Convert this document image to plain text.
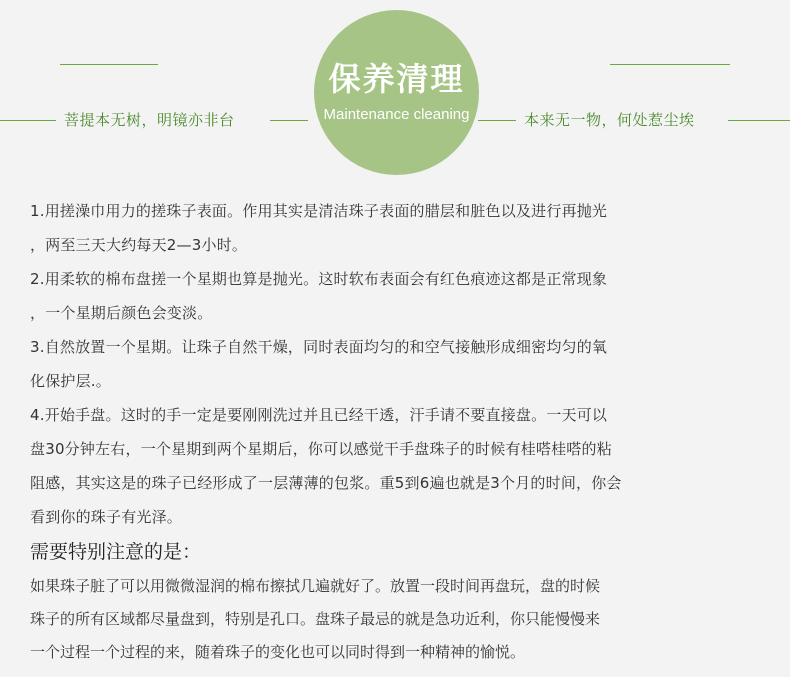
菩提本无树，明镜亦非台	本来无一物，何处惹尘埃
保养清理
Maintenance cleaning
1.用搓澡巾用力的搓珠子表面。作用其实是清洁珠子表面的腊层和脏色以及进行再抛光
，两至三天大约每天2—3小时。
2.用柔软的棉布盘搓一个星期也算是抛光。这时软布表面会有红色痕迹这都是正常现象
，一个星期后颜色会变淡。
3.自然放置一个星期。让珠子自然干燥，同时表面均匀的和空气接触形成细密均匀的氧
化保护层.。
4.开始手盘。这时的手一定是要刚刚洗过并且已经干透，汗手请不要直接盘。一天可以
盘30分钟左右，一个星期到两个星期后，你可以感觉干手盘珠子的时候有桂嗒桂嗒的粘
阻感，其实这是的珠子已经形成了一层薄薄的包浆。重5到6遍也就是3个月的时间，你会
看到你的珠子有光泽。
需要特别注意的是：
如果珠子脏了可以用微微湿润的棉布擦拭几遍就好了。放置一段时间再盘玩，盘的时候
珠子的所有区域都尽量盘到，特别是孔口。盘珠子最忌的就是急功近利，你只能慢慢来
一个过程一个过程的来，随着珠子的变化也可以同时得到一种精神的愉悦。
